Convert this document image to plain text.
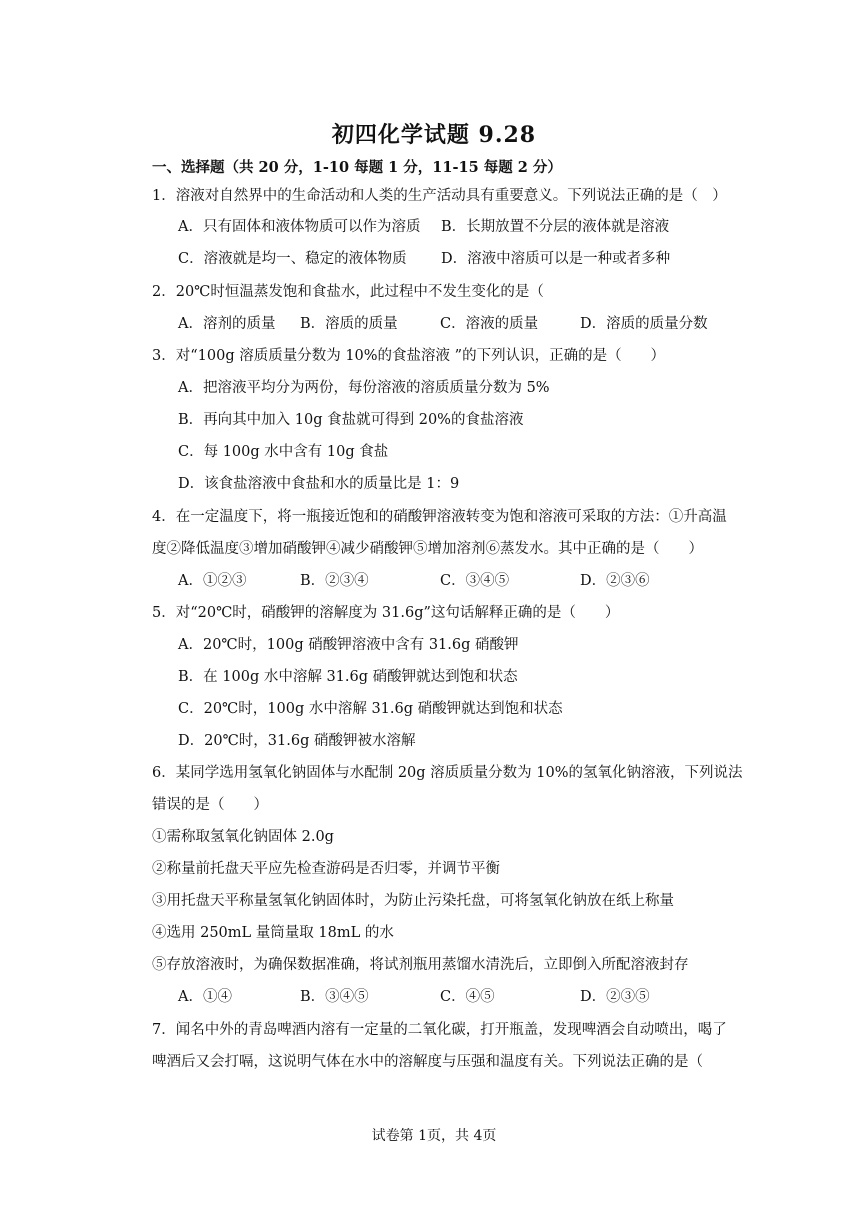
初四化学试题 9.28
一、选择题（共 20 分，1-10 每题 1 分，11-15 每题 2 分）
1．溶液对自然界中的生命活动和人类的生产活动具有重要意义。下列说法正确的是（　）
A．只有固体和液体物质可以作为溶质 B．长期放置不分层的液体就是溶液
C．溶液就是均一、稳定的液体物质 D．溶液中溶质可以是一种或者多种
2．20℃时恒温蒸发饱和食盐水，此过程中不发生变化的是（
A．溶剂的质量 B．溶质的质量	C．溶液的质量	D．溶质的质量分数
3．对“100g 溶质质量分数为 10%的食盐溶液 ”的下列认识，正确的是（　　）
A．把溶液平均分为两份，每份溶液的溶质质量分数为 5%
B．再向其中加入 10g 食盐就可得到 20%的食盐溶液
C．每 100g 水中含有 10g 食盐
D．该食盐溶液中食盐和水的质量比是 1：9
4．在一定温度下，将一瓶接近饱和的硝酸钾溶液转变为饱和溶液可采取的方法：①升高温
度②降低温度③增加硝酸钾④减少硝酸钾⑤增加溶剂⑥蒸发水。其中正确的是（　　）
A．①②③	B．②③④	C．③④⑤	D．②③⑥
5．对“20℃时，硝酸钾的溶解度为 31.6g”这句话解释正确的是（　　）
A．20℃时，100g 硝酸钾溶液中含有 31.6g 硝酸钾
B．在 100g 水中溶解 31.6g 硝酸钾就达到饱和状态
C．20℃时，100g 水中溶解 31.6g 硝酸钾就达到饱和状态
D．20℃时，31.6g 硝酸钾被水溶解
6．某同学选用氢氧化钠固体与水配制 20g 溶质质量分数为 10%的氢氧化钠溶液，下列说法
错误的是（　　）
①需称取氢氧化钠固体 2.0g
②称量前托盘天平应先检查游码是否归零，并调节平衡
③用托盘天平称量氢氧化钠固体时，为防止污染托盘，可将氢氧化钠放在纸上称量
④选用 250mL 量筒量取 18mL 的水
⑤存放溶液时，为确保数据准确，将试剂瓶用蒸馏水清洗后，立即倒入所配溶液封存
A．①④	B．③④⑤	C．④⑤	D．②③⑤
7．闻名中外的青岛啤酒内溶有一定量的二氧化碳，打开瓶盖，发现啤酒会自动喷出，喝了
啤酒后又会打嗝，这说明气体在水中的溶解度与压强和温度有关。下列说法正确的是（
试卷第 1页，共 4页
